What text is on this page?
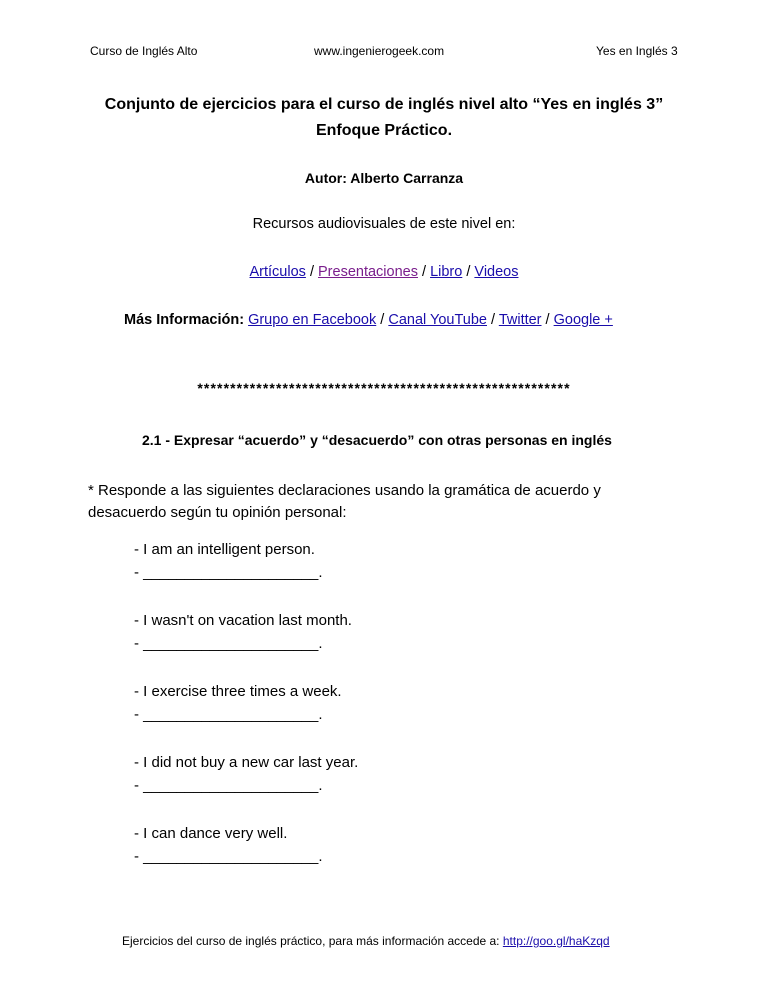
Curso de Inglés Alto	www.ingenierogeek.com	Yes en Inglés 3
Conjunto de ejercicios para el curso de inglés nivel alto “Yes en inglés 3”
Enfoque Práctico.
Autor: Alberto Carranza
Recursos audiovisuales de este nivel en:
Artículos / Presentaciones / Libro / Videos
Más Información: Grupo en Facebook / Canal YouTube / Twitter / Google +
*********************************************************
2.1 - Expresar “acuerdo” y “desacuerdo” con otras personas en inglés
* Responde a las siguientes declaraciones usando la gramática de acuerdo y desacuerdo según tu opinión personal:
- I am an intelligent person.
- _____________________.
- I wasn't on vacation last month.
- _____________________.
- I exercise three times a week.
- _____________________.
- I did not buy a new car last year.
- _____________________.
- I can dance very well.
- _____________________.
Ejercicios del curso de inglés práctico, para más información accede a: http://goo.gl/haKzqd
